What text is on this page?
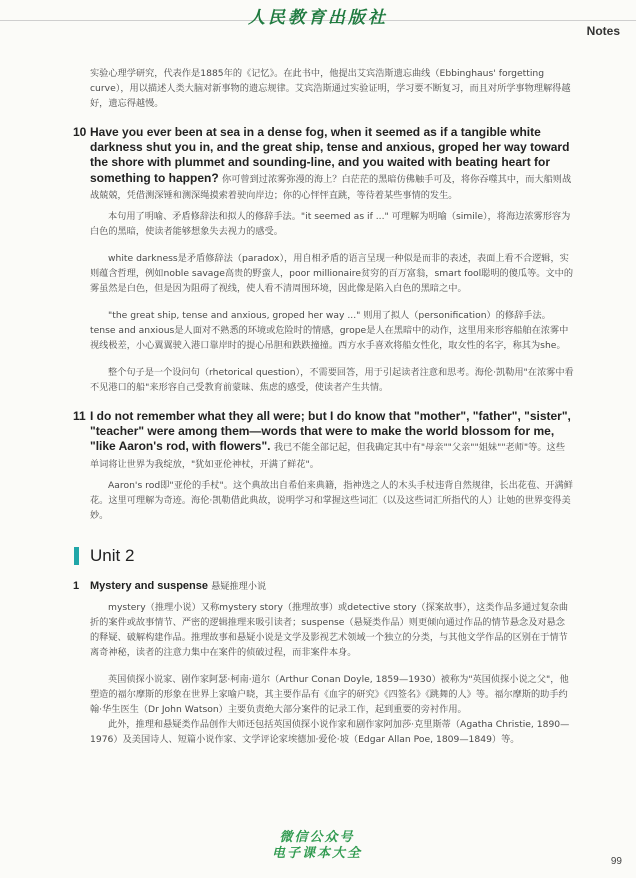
人民教育出版社
Notes

实验心理学研究，代表作是1885年的《记忆》。在此书中，他提出艾宾浩斯遗忘曲线（Ebbinghaus' forgetting curve），用以描述人类大脑对新事物的遗忘规律。艾宾浩斯通过实验证明，学习要不断复习，而且对所学事物理解得越好，遗忘得越慢。

10 Have you ever been at sea in a dense fog, when it seemed as if a tangible white darkness shut you in, and the great ship, tense and anxious, groped her way toward the shore with plummet and sounding-line, and you waited with beating heart for something to happen? 你可曾到过浓雾弥漫的海上？白茫茫的黑暗仿佛触手可及，将你吞噬其中，而大船则战战兢兢，凭借测深锤和测深绳摸索着驶向岸边；你的心怦怦直跳，等待着某些事情的发生。

本句用了明喻、矛盾修辞法和拟人的修辞手法。"it seemed as if ..." 可理解为明喻（simile），将海边浓雾形容为白色的黑暗，使读者能够想象失去视力的感受。

white darkness是矛盾修辞法（paradox），用自相矛盾的语言呈现一种似是而非的表述，表面上看不合逻辑，实则蕴含哲理，例如noble savage高贵的野蛮人，poor millionaire贫穷的百万富翁，smart fool聪明的傻瓜等。文中的雾虽然是白色，但是因为阻碍了视线，使人看不清周围环境，因此像是陷入白色的黑暗之中。

"the great ship, tense and anxious, groped her way ..." 则用了拟人（personification）的修辞手法。tense and anxious是人面对不熟悉的环境或危险时的情感，grope是人在黑暗中的动作，这里用来形容船舶在浓雾中视线极差，小心翼翼驶入港口靠岸时的提心吊胆和跌跌撞撞。西方水手喜欢将船女性化，取女性的名字，称其为she。

整个句子是一个设问句（rhetorical question），不需要回答，用于引起读者注意和思考。海伦·凯勒用"在浓雾中看不见港口的船"来形容自己受教育前蒙昧、焦虑的感受，使读者产生共情。

11 I do not remember what they all were; but I do know that "mother", "father", "sister", "teacher" were among them—words that were to make the world blossom for me, "like Aaron's rod, with flowers". 我已不能全部记起，但我确定其中有"母亲""父亲""姐妹""老师"等。这些单词将让世界为我绽放，"犹如亚伦神杖，开满了鲜花"。

Aaron's rod即"亚伦的手杖"。这个典故出自希伯来典籍，指神选之人的木头手杖违背自然规律，长出花苞、开满鲜花。这里可理解为奇迹。海伦·凯勒借此典故，说明学习和掌握这些词汇（以及这些词汇所指代的人）让她的世界变得美妙。

Unit 2
1 Mystery and suspense 悬疑推理小说

mystery（推理小说）又称mystery story（推理故事）或detective story（探案故事），这类作品多通过复杂曲折的案件或故事情节、严密的逻辑推理来吸引读者；suspense（悬疑类作品）则更倾向通过作品的情节悬念及对悬念的释疑、破解构建作品。推理故事和悬疑小说是文学及影视艺术领域一个独立的分类，与其他文学作品的区别在于情节离奇神秘，读者的注意力集中在案件的侦破过程，而非案件本身。

英国侦探小说家、剧作家阿瑟·柯南·道尔（Arthur Conan Doyle, 1859—1930）被称为"英国侦探小说之父"，他塑造的福尔摩斯的形象在世界上家喻户晓，其主要作品有《血字的研究》《四签名》《跳舞的人》等。福尔摩斯的助手约翰·华生医生（Dr John Watson）主要负责绝大部分案件的记录工作，起到重要的旁衬作用。

此外，推理和悬疑类作品创作大师还包括英国侦探小说作家和剧作家阿加莎·克里斯蒂（Agatha Christie, 1890—1976）及美国诗人、短篇小说作家、文学评论家埃德加·爱伦·坡（Edgar Allan Poe, 1809—1849）等。

微信公众号
电子课本大全
99
